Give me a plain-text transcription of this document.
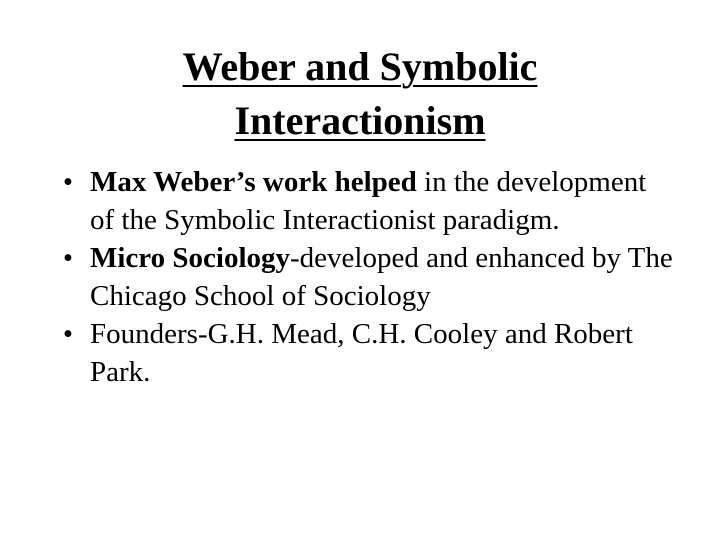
Weber and Symbolic
Interactionism
• Max Weber’s work helped in the development of the Symbolic Interactionist paradigm.
• Micro Sociology-developed and enhanced by The Chicago School of Sociology
• Founders-G.H. Mead, C.H. Cooley and Robert Park.
